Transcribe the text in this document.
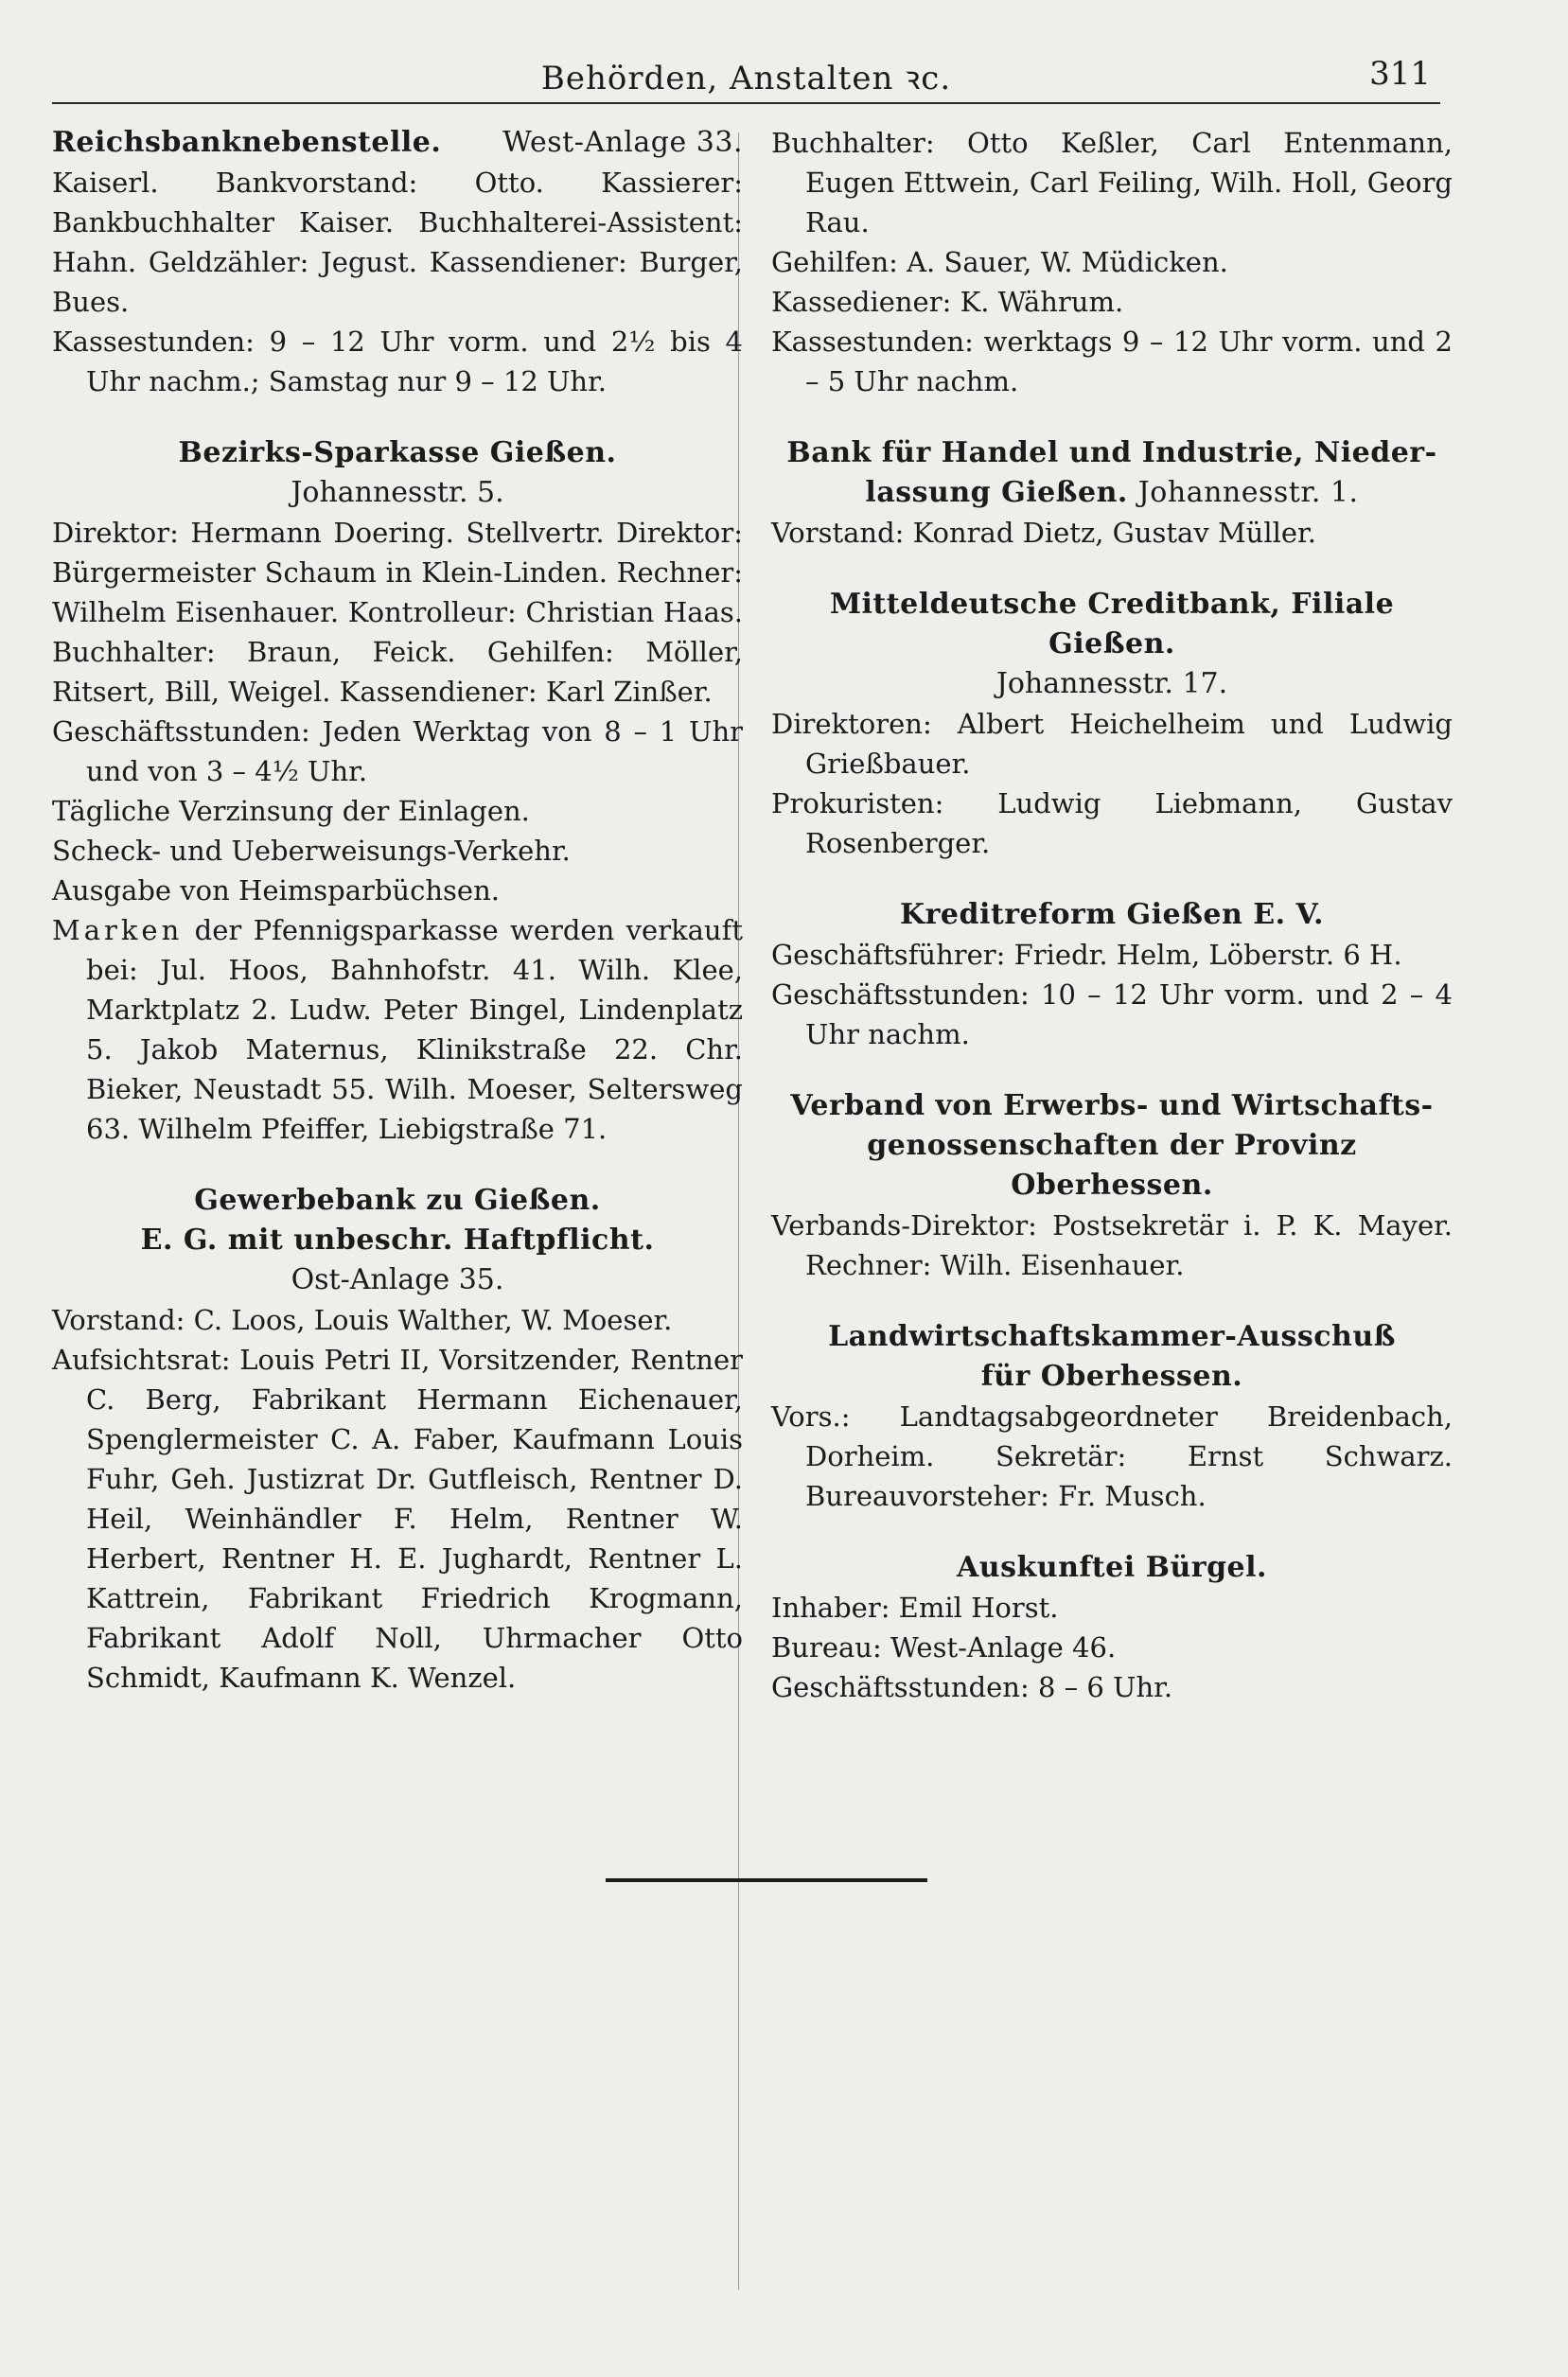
Behörden, Anstalten ꝛc.	311
Reichsbanknebenstelle. West-Anlage 33.

Kaiserl. Bankvorstand: Otto. Kassierer: Bankbuchhalter Kaiser. Buchhalterei-Assistent: Hahn. Geldzähler: Jegust. Kassendiener: Burger, Bues.

Kassestunden: 9 – 12 Uhr vorm. und 2½ bis 4 Uhr nachm.; Samstag nur 9 – 12 Uhr.

Bezirks-Sparkasse Gießen.
Johannesstr. 5.

Direktor: Hermann Doering. Stellvertr. Direktor: Bürgermeister Schaum in Klein-Linden. Rechner: Wilhelm Eisenhauer. Kontrolleur: Christian Haas. Buchhalter: Braun, Feick. Gehilfen: Möller, Ritsert, Bill, Weigel. Kassendiener: Karl Zinßer.

Geschäftsstunden: Jeden Werktag von 8 – 1 Uhr und von 3 – 4½ Uhr.

Tägliche Verzinsung der Einlagen.

Scheck- und Ueberweisungs-Verkehr.

Ausgabe von Heimsparbüchsen.

Marken der Pfennigsparkasse werden verkauft bei: Jul. Hoos, Bahnhofstr. 41. Wilh. Klee, Marktplatz 2. Ludw. Peter Bingel, Lindenplatz 5. Jakob Maternus, Klinikstraße 22. Chr. Bieker, Neustadt 55. Wilh. Moeser, Seltersweg 63. Wilhelm Pfeiffer, Liebigstraße 71.

Gewerbebank zu Gießen.
E. G. mit unbeschr. Haftpflicht.
Ost-Anlage 35.

Vorstand: C. Loos, Louis Walther, W. Moeser.

Aufsichtsrat: Louis Petri II, Vorsitzender, Rentner C. Berg, Fabrikant Hermann Eichenauer, Spenglermeister C. A. Faber, Kaufmann Louis Fuhr, Geh. Justizrat Dr. Gutfleisch, Rentner D. Heil, Weinhändler F. Helm, Rentner W. Herbert, Rentner H. E. Jughardt, Rentner L. Kattrein, Fabrikant Friedrich Krogmann, Fabrikant Adolf Noll, Uhrmacher Otto Schmidt, Kaufmann K. Wenzel.

Buchhalter: Otto Keßler, Carl Entenmann, Eugen Ettwein, Carl Feiling, Wilh. Holl, Georg Rau.

Gehilfen: A. Sauer, W. Müdicken.

Kassediener: K. Währum.

Kassestunden: werktags 9 – 12 Uhr vorm. und 2 – 5 Uhr nachm.

Bank für Handel und Industrie, Nieder-
lassung Gießen. Johannesstr. 1.

Vorstand: Konrad Dietz, Gustav Müller.

Mitteldeutsche Creditbank, Filiale Gießen.
Johannesstr. 17.

Direktoren: Albert Heichelheim und Ludwig Grießbauer.

Prokuristen: Ludwig Liebmann, Gustav Rosenberger.

Kreditreform Gießen E. V.

Geschäftsführer: Friedr. Helm, Löberstr. 6 H.

Geschäftsstunden: 10 – 12 Uhr vorm. und 2 – 4 Uhr nachm.

Verband von Erwerbs- und Wirtschafts-
genossenschaften der Provinz Oberhessen.

Verbands-Direktor: Postsekretär i. P. K. Mayer. Rechner: Wilh. Eisenhauer.

Landwirtschaftskammer-Ausschuß
für Oberhessen.

Vors.: Landtagsabgeordneter Breidenbach, Dorheim. Sekretär: Ernst Schwarz. Bureauvorsteher: Fr. Musch.

Auskunftei Bürgel.

Inhaber: Emil Horst.

Bureau: West-Anlage 46.

Geschäftsstunden: 8 – 6 Uhr.
